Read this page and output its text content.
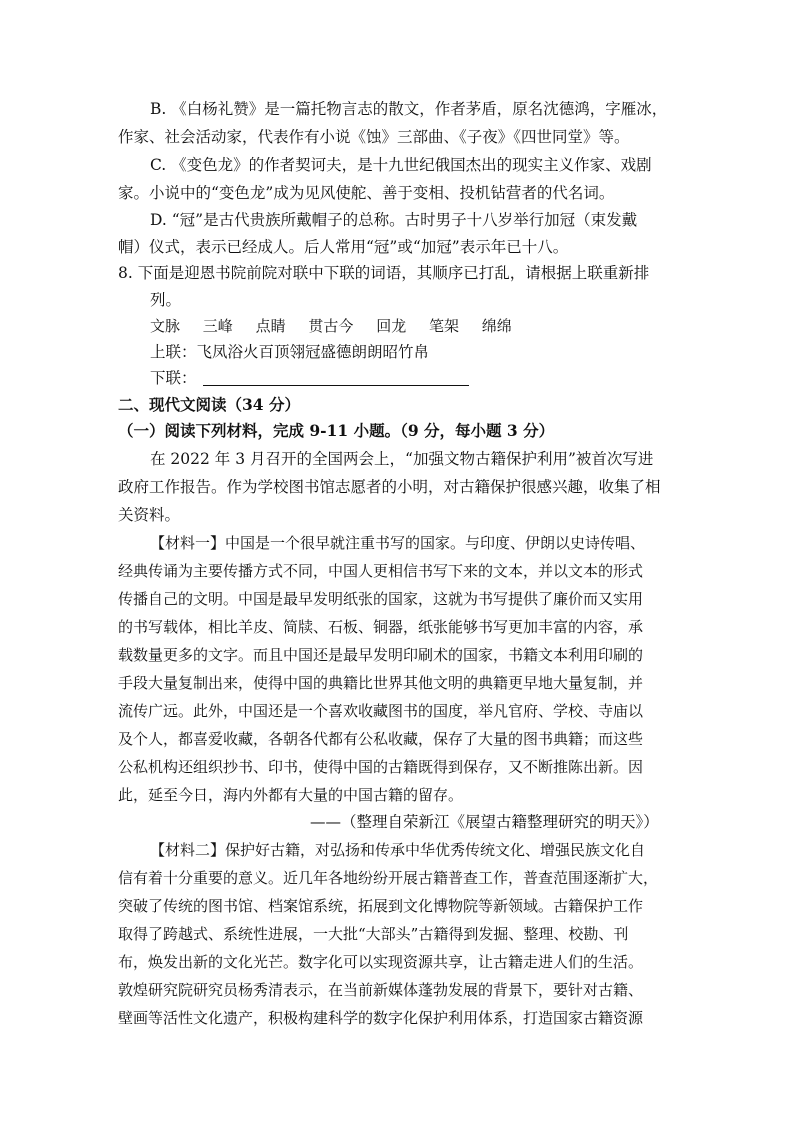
B. 《白杨礼赞》是一篇托物言志的散文，作者茅盾，原名沈德鸿，字雁冰，
作家、社会活动家，代表作有小说《蚀》三部曲、《子夜》《四世同堂》等。
C. 《变色龙》的作者契诃夫，是十九世纪俄国杰出的现实主义作家、戏剧
家。小说中的“变色龙”成为见风使舵、善于变相、投机钻营者的代名词。
D. “冠”是古代贵族所戴帽子的总称。古时男子十八岁举行加冠（束发戴
帽）仪式，表示已经成人。后人常用“冠”或“加冠”表示年已十八。
8. 下面是迎恩书院前院对联中下联的词语，其顺序已打乱，请根据上联重新排
列。
文脉 三峰 点睛 贯古今 回龙 笔架 绵绵
上联：飞凤浴火百顶翎冠盛德朗朗昭竹帛
下联：
二、现代文阅读（34 分）
（一）阅读下列材料，完成 9-11 小题。（9 分，每小题 3 分）
在 2022 年 3 月召开的全国两会上，“加强文物古籍保护利用”被首次写进
政府工作报告。作为学校图书馆志愿者的小明，对古籍保护很感兴趣，收集了相
关资料。
【材料一】中国是一个很早就注重书写的国家。与印度、伊朗以史诗传唱、
经典传诵为主要传播方式不同，中国人更相信书写下来的文本，并以文本的形式
传播自己的文明。中国是最早发明纸张的国家，这就为书写提供了廉价而又实用
的书写载体，相比羊皮、简牍、石板、铜器，纸张能够书写更加丰富的内容，承
载数量更多的文字。而且中国还是最早发明印刷术的国家，书籍文本利用印刷的
手段大量复制出来，使得中国的典籍比世界其他文明的典籍更早地大量复制，并
流传广远。此外，中国还是一个喜欢收藏图书的国度，举凡官府、学校、寺庙以
及个人，都喜爱收藏，各朝各代都有公私收藏，保存了大量的图书典籍；而这些
公私机构还组织抄书、印书，使得中国的古籍既得到保存，又不断推陈出新。因
此，延至今日，海内外都有大量的中国古籍的留存。
——（整理自荣新江《展望古籍整理研究的明天》）
【材料二】保护好古籍，对弘扬和传承中华优秀传统文化、增强民族文化自
信有着十分重要的意义。近几年各地纷纷开展古籍普查工作，普查范围逐渐扩大，
突破了传统的图书馆、档案馆系统，拓展到文化博物院等新领域。古籍保护工作
取得了跨越式、系统性进展，一大批“大部头”古籍得到发掘、整理、校勘、刊
布，焕发出新的文化光芒。数字化可以实现资源共享，让古籍走进人们的生活。
敦煌研究院研究员杨秀清表示，在当前新媒体蓬勃发展的背景下，要针对古籍、
壁画等活性文化遗产，积极构建科学的数字化保护利用体系，打造国家古籍资源
